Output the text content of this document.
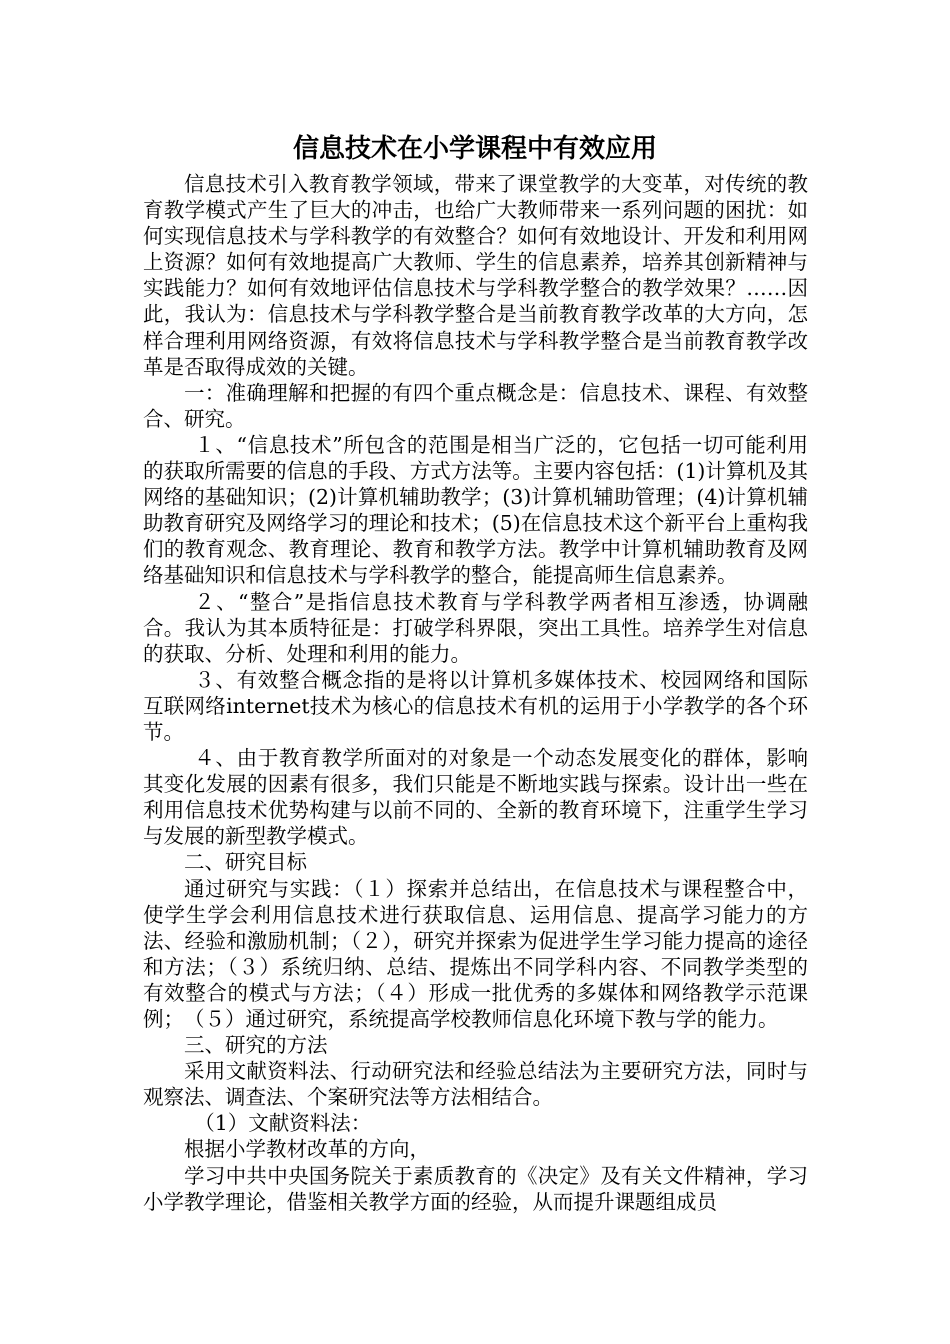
信息技术在小学课程中有效应用

信息技术引入教育教学领域，带来了课堂教学的大变革，对传统的教育教学模式产生了巨大的冲击，也给广大教师带来一系列问题的困扰：如何实现信息技术与学科教学的有效整合？如何有效地设计、开发和利用网上资源？如何有效地提高广大教师、学生的信息素养，培养其创新精神与实践能力？如何有效地评估信息技术与学科教学整合的教学效果？……因此，我认为：信息技术与学科教学整合是当前教育教学改革的大方向，怎样合理利用网络资源，有效将信息技术与学科教学整合是当前教育教学改革是否取得成效的关键。

一：准确理解和把握的有四个重点概念是：信息技术、课程、有效整合、研究。

１、“信息技术”所包含的范围是相当广泛的，它包括一切可能利用的获取所需要的信息的手段、方式方法等。主要内容包括：(1)计算机及其网络的基础知识；(2)计算机辅助教学；(3)计算机辅助管理；(4)计算机辅助教育研究及网络学习的理论和技术；(5)在信息技术这个新平台上重构我们的教育观念、教育理论、教育和教学方法。教学中计算机辅助教育及网络基础知识和信息技术与学科教学的整合，能提高师生信息素养。

２、“整合”是指信息技术教育与学科教学两者相互渗透，协调融合。我认为其本质特征是：打破学科界限，突出工具性。培养学生对信息的获取、分析、处理和利用的能力。

３、有效整合概念指的是将以计算机多媒体技术、校园网络和国际互联网络internet技术为核心的信息技术有机的运用于小学教学的各个环节。

４、由于教育教学所面对的对象是一个动态发展变化的群体，影响其变化发展的因素有很多，我们只能是不断地实践与探索。设计出一些在利用信息技术优势构建与以前不同的、全新的教育环境下，注重学生学习与发展的新型教学模式。

二、研究目标

通过研究与实践：（１）探索并总结出，在信息技术与课程整合中，使学生学会利用信息技术进行获取信息、运用信息、提高学习能力的方法、经验和激励机制；（２），研究并探索为促进学生学习能力提高的途径和方法；（３）系统归纳、总结、提炼出不同学科内容、不同教学类型的有效整合的模式与方法；（４）形成一批优秀的多媒体和网络教学示范课例；　（５）通过研究，系统提高学校教师信息化环境下教与学的能力。

三、研究的方法

采用文献资料法、行动研究法和经验总结法为主要研究方法，同时与观察法、调查法、个案研究法等方法相结合。

（1）文献资料法：

根据小学教材改革的方向，

学习中共中央国务院关于素质教育的《决定》及有关文件精神，学习小学教学理论，借鉴相关教学方面的经验，从而提升课题组成员
